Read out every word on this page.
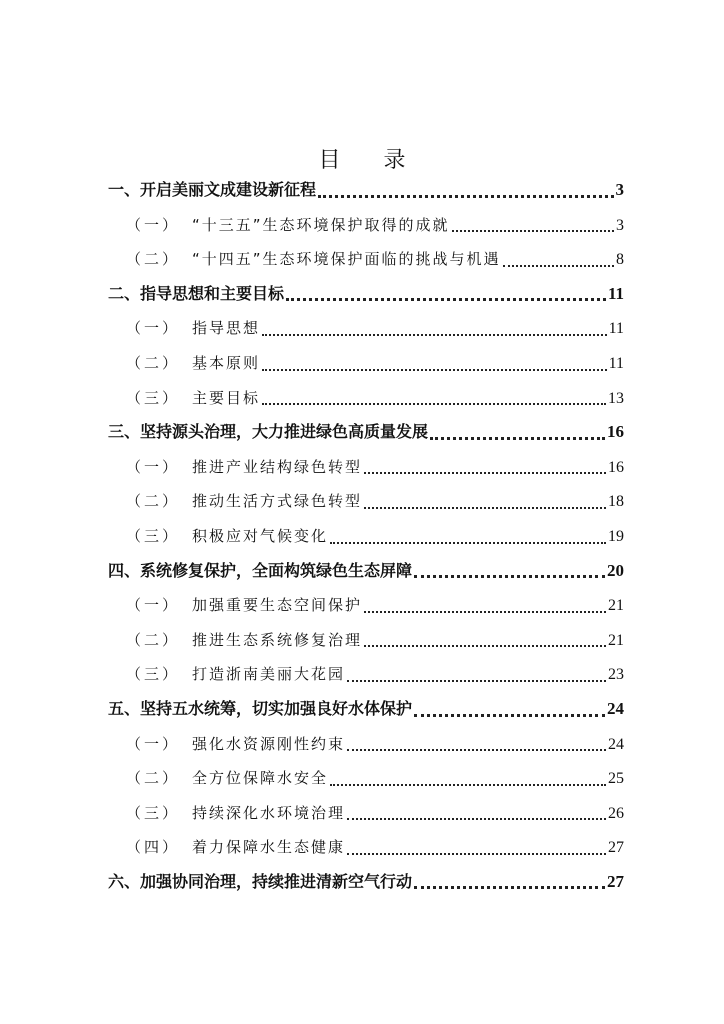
目 录
一、 开启美丽文成建设新征程	3
（一） “十三五”生态环境保护取得的成就	3
（二） “十四五”生态环境保护面临的挑战与机遇	8
二、 指导思想和主要目标	11
（一） 指导思想	11
（二） 基本原则	11
（三） 主要目标	13
三、 坚持源头治理，大力推进绿色高质量发展	16
（一） 推进产业结构绿色转型	16
（二） 推动生活方式绿色转型	18
（三） 积极应对气候变化	19
四、 系统修复保护，全面构筑绿色生态屏障	20
（一） 加强重要生态空间保护	21
（二） 推进生态系统修复治理	21
（三） 打造浙南美丽大花园	23
五、 坚持五水统筹，切实加强良好水体保护	24
（一） 强化水资源刚性约束	24
（二） 全方位保障水安全	25
（三） 持续深化水环境治理	26
（四） 着力保障水生态健康	27
六、 加强协同治理，持续推进清新空气行动	27
